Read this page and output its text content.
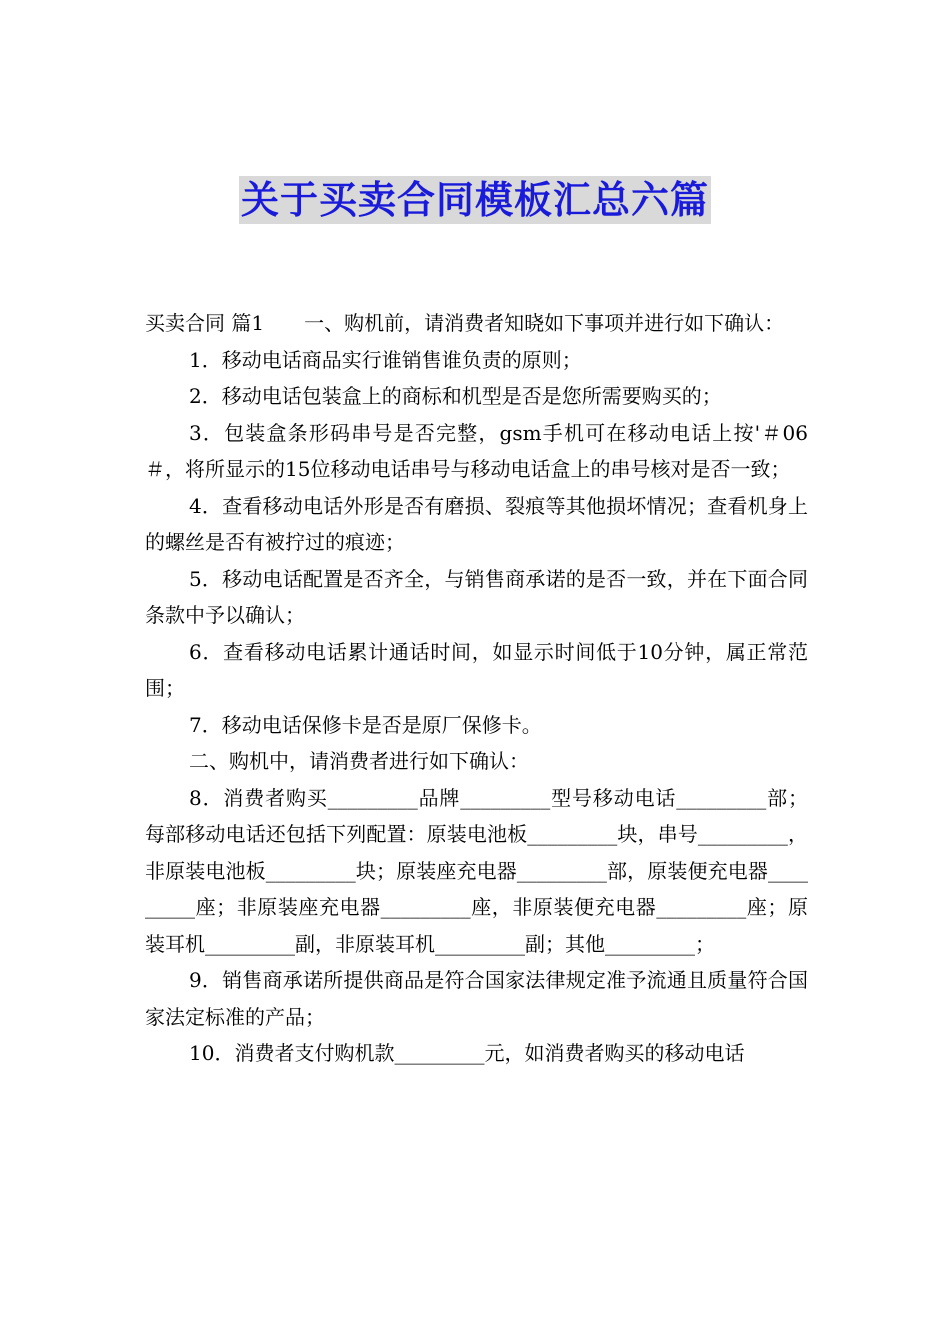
关于买卖合同模板汇总六篇

买卖合同 篇1 一、购机前，请消费者知晓如下事项并进行如下确认：

1．移动电话商品实行谁销售谁负责的原则；

2．移动电话包装盒上的商标和机型是否是您所需要购买的；

3．包装盒条形码串号是否完整，gsm手机可在移动电话上按'＃06＃，将所显示的15位移动电话串号与移动电话盒上的串号核对是否一致；

4．查看移动电话外形是否有磨损、裂痕等其他损坏情况；查看机身上的螺丝是否有被拧过的痕迹；

5．移动电话配置是否齐全，与销售商承诺的是否一致，并在下面合同条款中予以确认；

6．查看移动电话累计通话时间，如显示时间低于10分钟，属正常范围；

7．移动电话保修卡是否是原厂保修卡。

二、购机中，请消费者进行如下确认：

8．消费者购买_________品牌_________型号移动电话_________部；每部移动电话还包括下列配置：原装电池板_________块，串号_________，非原装电池板_________块；原装座充电器_________部，原装便充电器_________座；非原装座充电器_________座，非原装便充电器_________座；原装耳机_________副，非原装耳机_________副；其他_________；

9．销售商承诺所提供商品是符合国家法律规定准予流通且质量符合国家法定标准的产品；

10．消费者支付购机款_________元，如消费者购买的移动电话
